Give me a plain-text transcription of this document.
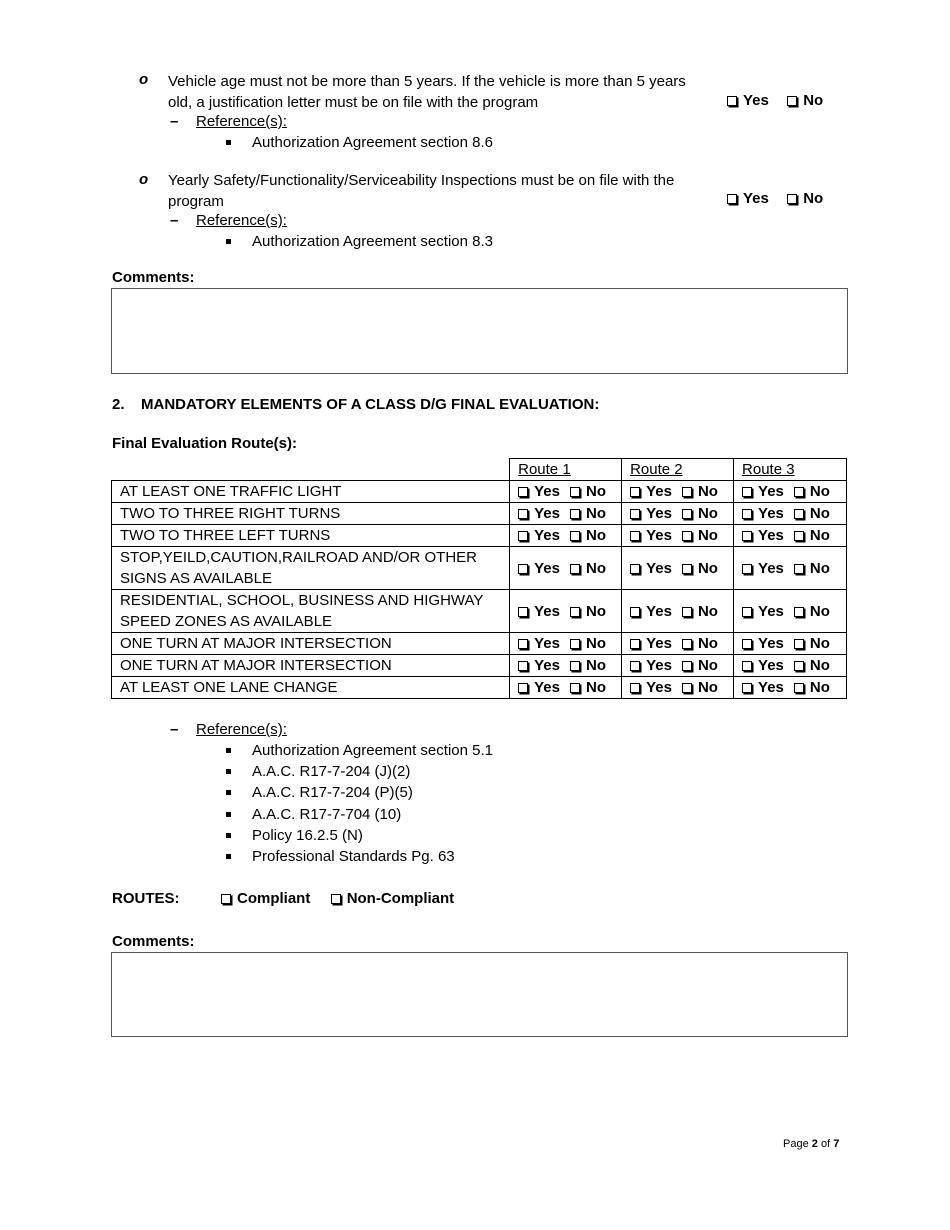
o Vehicle age must not be more than 5 years. If the vehicle is more than 5 years
old, a justification letter must be on file with the program	Yes No
– Reference(s):
Authorization Agreement section 8.6
o Yearly Safety/Functionality/Serviceability Inspections must be on file with the
program	Yes No
– Reference(s):
Authorization Agreement section 8.3
Comments:
2. MANDATORY ELEMENTS OF A CLASS D/G FINAL EVALUATION:
Final Evaluation Route(s):
	Route 1	Route 2	Route 3

AT LEAST ONE TRAFFIC LIGHT	Yes No	Yes No	Yes No

TWO TO THREE RIGHT TURNS	Yes No	Yes No	Yes No

TWO TO THREE LEFT TURNS	Yes No	Yes No	Yes No

STOP,YEILD,CAUTION,RAILROAD AND/OR OTHER
SIGNS AS AVAILABLE	Yes No	Yes No	Yes No

RESIDENTIAL, SCHOOL, BUSINESS AND HIGHWAY
SPEED ZONES AS AVAILABLE	Yes No	Yes No	Yes No

ONE TURN AT MAJOR INTERSECTION	Yes No	Yes No	Yes No

ONE TURN AT MAJOR INTERSECTION	Yes No	Yes No	Yes No

AT LEAST ONE LANE CHANGE	Yes No	Yes No	Yes No
– Reference(s):
Authorization Agreement section 5.1
A.A.C. R17-7-204 (J)(2)
A.A.C. R17-7-204 (P)(5)
A.A.C. R17-7-704 (10)
Policy 16.2.5 (N)
Professional Standards Pg. 63
ROUTES:	Compliant Non-Compliant
Comments:
Page 2 of 7
